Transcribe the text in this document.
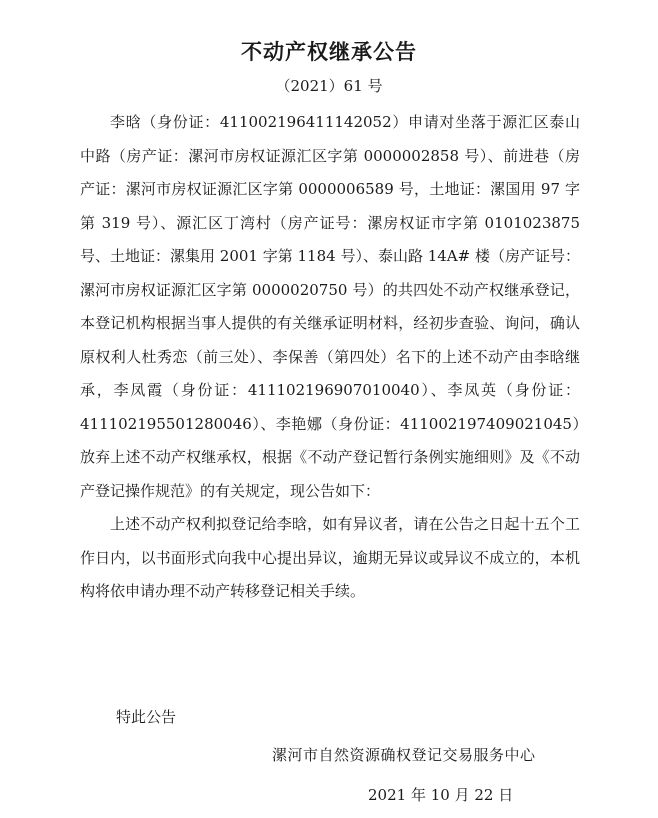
不动产权继承公告
（2021）61 号

李晗（身份证：411002196411142052）申请对坐落于源汇区泰山中路（房产证：漯河市房权证源汇区字第 0000002858 号）、前进巷（房产证：漯河市房权证源汇区字第 0000006589 号，土地证：漯国用 97 字第 319 号）、源汇区丁湾村（房产证号：漯房权证市字第 0101023875 号、土地证：漯集用 2001 字第 1184 号）、泰山路 14A# 楼（房产证号：漯河市房权证源汇区字第 0000020750 号）的共四处不动产权继承登记，本登记机构根据当事人提供的有关继承证明材料，经初步查验、询问，确认原权利人杜秀恋（前三处）、李保善（第四处）名下的上述不动产由李晗继承，李凤霞（身份证：411102196907010040）、李凤英（身份证：411102195501280046）、李艳娜（身份证：411002197409021045）放弃上述不动产权继承权，根据《不动产登记暂行条例实施细则》及《不动产登记操作规范》的有关规定，现公告如下：

上述不动产权利拟登记给李晗，如有异议者，请在公告之日起十五个工作日内，以书面形式向我中心提出异议，逾期无异议或异议不成立的，本机构将依申请办理不动产转移登记相关手续。

特此公告
漯河市自然资源确权登记交易服务中心
2021 年 10 月 22 日
